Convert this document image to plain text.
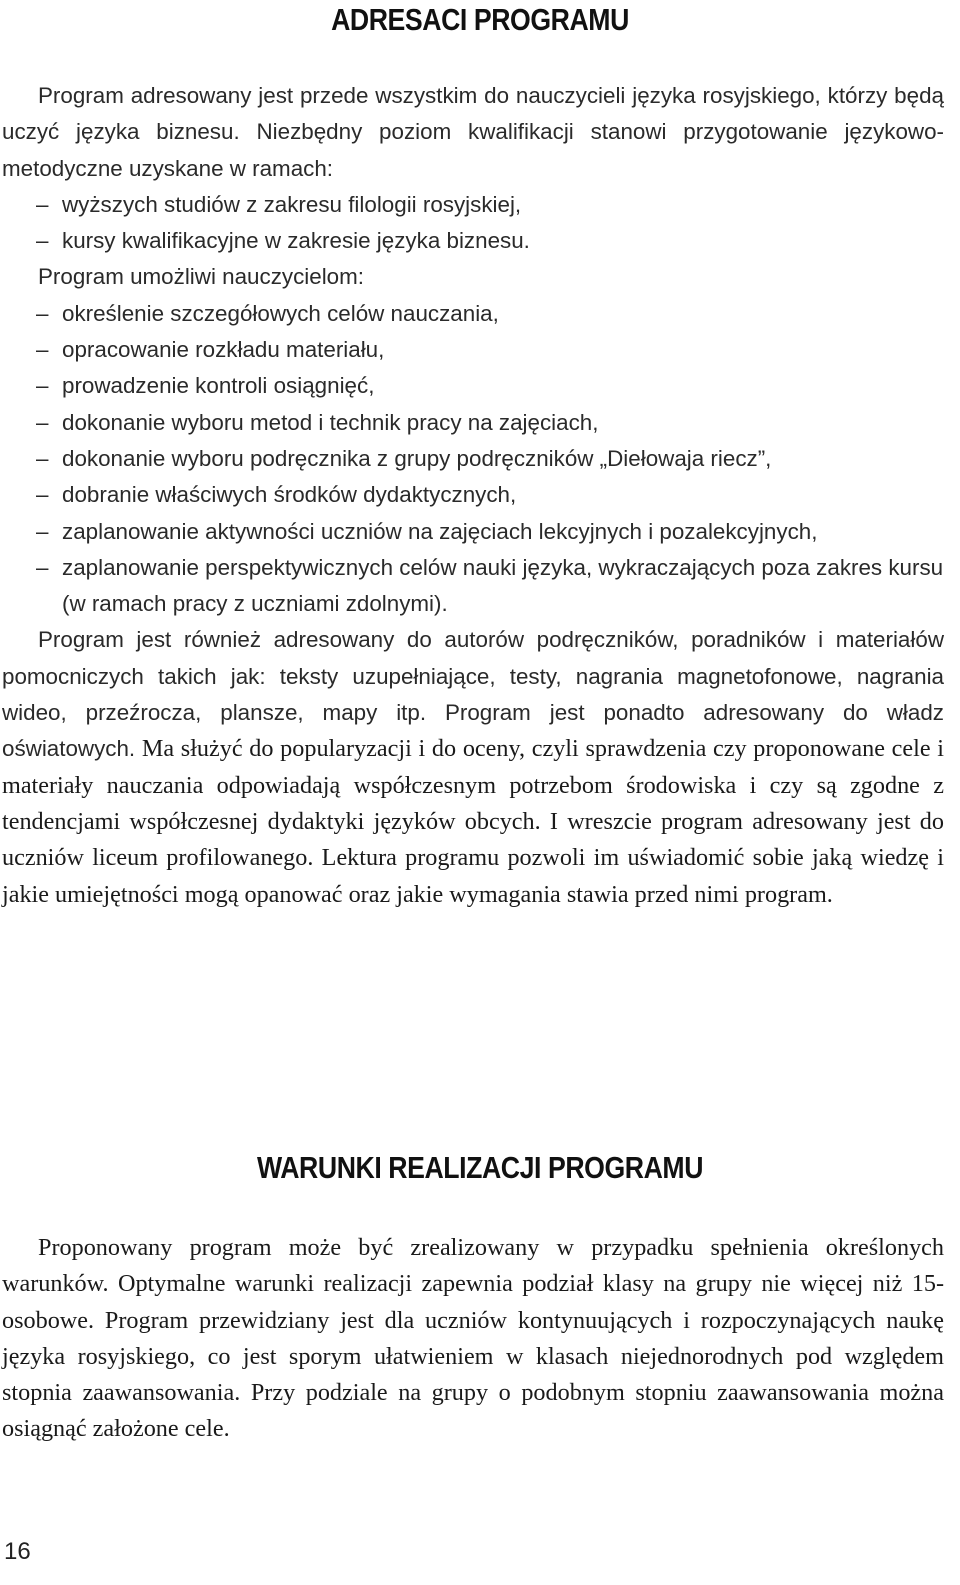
ADRESACI PROGRAMU

Program adresowany jest przede wszystkim do nauczycieli języka rosyjskiego, którzy będą uczyć języka biznesu. Niezbędny poziom kwalifikacji stanowi przygotowanie językowo-metodyczne uzyskane w ramach:

– wyższych studiów z zakresu filologii rosyjskiej,
– kursy kwalifikacyjne w zakresie języka biznesu.

Program umożliwi nauczycielom:

– określenie szczegółowych celów nauczania,
– opracowanie rozkładu materiału,
– prowadzenie kontroli osiągnięć,
– dokonanie wyboru metod i technik pracy na zajęciach,
– dokonanie wyboru podręcznika z grupy podręczników „Diełowaja riecz”,
– dobranie właściwych środków dydaktycznych,
– zaplanowanie aktywności uczniów na zajęciach lekcyjnych i pozalekcyjnych,
– zaplanowanie perspektywicznych celów nauki języka, wykraczających poza zakres kursu (w ramach pracy z uczniami zdolnymi).

Program jest również adresowany do autorów podręczników, poradników i materiałów pomocniczych takich jak: teksty uzupełniające, testy, nagrania magnetofonowe, nagrania wideo, przeźrocza, plansze, mapy itp. Program jest ponadto adresowany do władz oświatowych. Ma służyć do popularyzacji i do oceny, czyli sprawdzenia czy proponowane cele i materiały nauczania odpowiadają współczesnym potrzebom środowiska i czy są zgodne z tendencjami współczesnej dydaktyki języków obcych. I wreszcie program adresowany jest do uczniów liceum profilowanego. Lektura programu pozwoli im uświadomić sobie jaką wiedzę i jakie umiejętności mogą opanować oraz jakie wymagania stawia przed nimi program.

WARUNKI REALIZACJI PROGRAMU

Proponowany program może być zrealizowany w przypadku spełnienia określonych warunków. Optymalne warunki realizacji zapewnia podział klasy na grupy nie więcej niż 15-osobowe. Program przewidziany jest dla uczniów kontynuujących i rozpoczynających naukę języka rosyjskiego, co jest sporym ułatwieniem w klasach niejednorodnych pod względem stopnia zaawansowania. Przy podziale na grupy o podobnym stopniu zaawansowania można osiągnąć założone cele.

16
